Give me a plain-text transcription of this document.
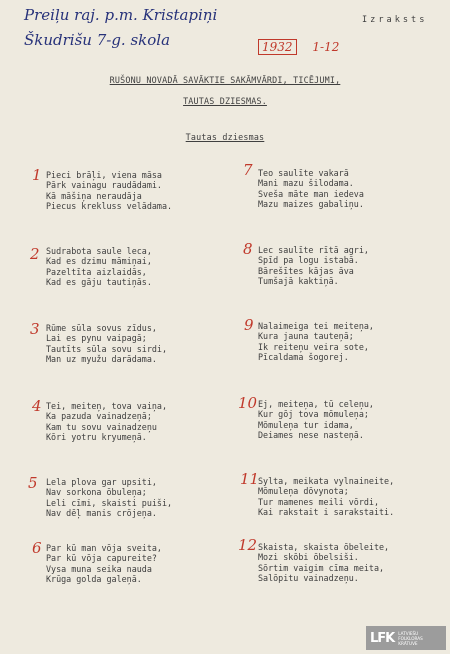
Preiļu raj. p.m. Kristapiņi
Škudrišu 7-g. skola
Izraksts
1932 1-12
RUŠONU NOVADĀ SAVĀKTIE SAKĀMVĀRDI, TICĒJUMI,
TAUTAS DZIESMAS.
Tautas dziesmas
1 Pieci brāļi, viena māsa
Pārk vainagu raudādami.
Kā māšiņa neraudāja
Piecus krekluss velādama.
2 Sudrabota saule leca,
Kad es dzimu māmiņai,
Pazeltīta aizlaidās,
Kad es gāju tautiņās.
3 Rūme sūla sovus zīdus,
Lai es pynu vaipagā;
Tautīts sūla sovu sirdi,
Man uz myužu darādama.
4 Tei, meiteņ, tova vaiņa,
Ka pazuda vainadzeņā;
Kam tu sovu vainadzeņu
Kōri yotru kryumeņā.
5 Lela plova gar upsiti,
Nav sorkona ōbuleņa;
Leli cīmi, skaisti puiši,
Nav dēļ manis crōjeņa.
6 Par kū man vōja sveita,
Par kū vōja capureite?
Vysa muna seika nauda
Krūga golda galeņā.
7 Teo saulīte vakarā
Mani mazu šilodama.
Sveša māte man iedeva
Mazu maizes gabaliņu.
8 Lec saulīte rītā agri,
Spīd pa logu istabā.
Bārešītes kājas āva
Tumšajā kaktiņā.
9 Nalaimeiga tei meiteņa,
Kura jauna tauteņā;
Ik reiteņu veira sote,
Pīcaldama šogorej.
10 Ej, meiteņa, tū celeņu,
Kur gōj tova mōmuleņa;
Mōmuleņa tur idama,
Deiames nese nasteņā.
11
Sylta, meikata vylnaineite,
Mōmuleņa dōvynota;
Tur mamenes meili vōrdi,
Kai rakstait i sarakstaiti.
12 Skaista, skaista ōbeleite,
Mozi skōbi ōbelsiši.
Sōrtim vaigim cīma meita,
Salōpitu vainadzeņu.
LFK LATVIEŠU
FOLKLORAS
KRĀTUVE
